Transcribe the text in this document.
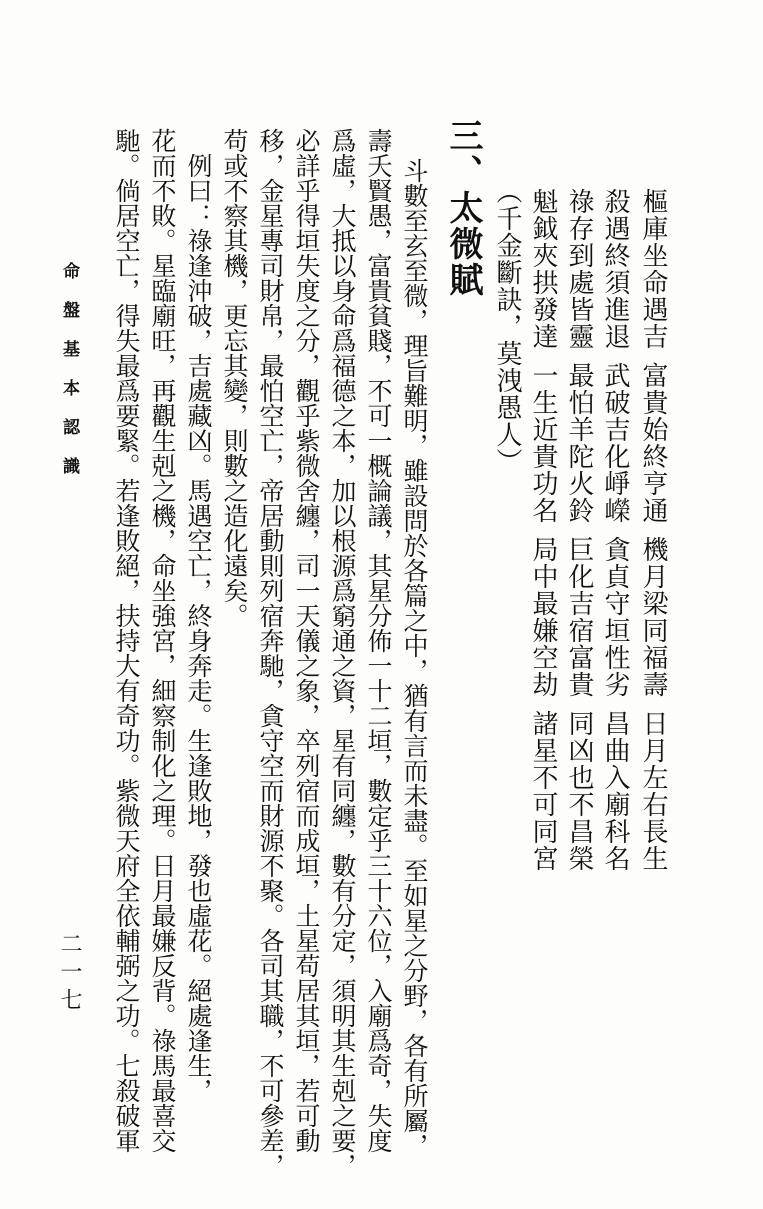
樞庫坐命遇吉富貴始終亨通機月梁同福壽日月左右長生
殺遇終須進退武破吉化崢嶸貪貞守垣性劣昌曲入廟科名
祿存到處皆靈最怕羊陀火鈴巨化吉宿富貴同凶也不昌榮
魁鉞夾拱發達一生近貴功名局中最嫌空劫諸星不可同宮
（千金斷訣，莫洩愚人）
三、太微賦
斗數至玄至微，理旨難明，雖設問於各篇之中，猶有言而未盡。至如星之分野，各有所屬，
壽夭賢愚，富貴貧賤，不可一概論議，其星分佈一十二垣，數定乎三十六位，入廟爲奇，失度
爲虛，大抵以身命爲福德之本，加以根源爲窮通之資，星有同纏，數有分定，須明其生剋之要，
必詳乎得垣失度之分，觀乎紫微舍纏，司一天儀之象，卒列宿而成垣，土星苟居其垣，若可動
移，金星專司財帛，最怕空亡，帝居動則列宿奔馳，貪守空而財源不聚。各司其職，不可參差，
苟或不察其機，更忘其變，則數之造化遠矣。
　例曰：祿逢沖破，吉處藏凶。馬遇空亡，終身奔走。生逢敗地，發也虛花。絕處逢生，
花而不敗。星臨廟旺，再觀生剋之機，命坐強宮，細察制化之理。日月最嫌反背。祿馬最喜交
馳。倘居空亡，得失最爲要緊。若逢敗絕，扶持大有奇功。紫微天府全依輔弼之功。七殺破軍
命盤基本認識
二一七
